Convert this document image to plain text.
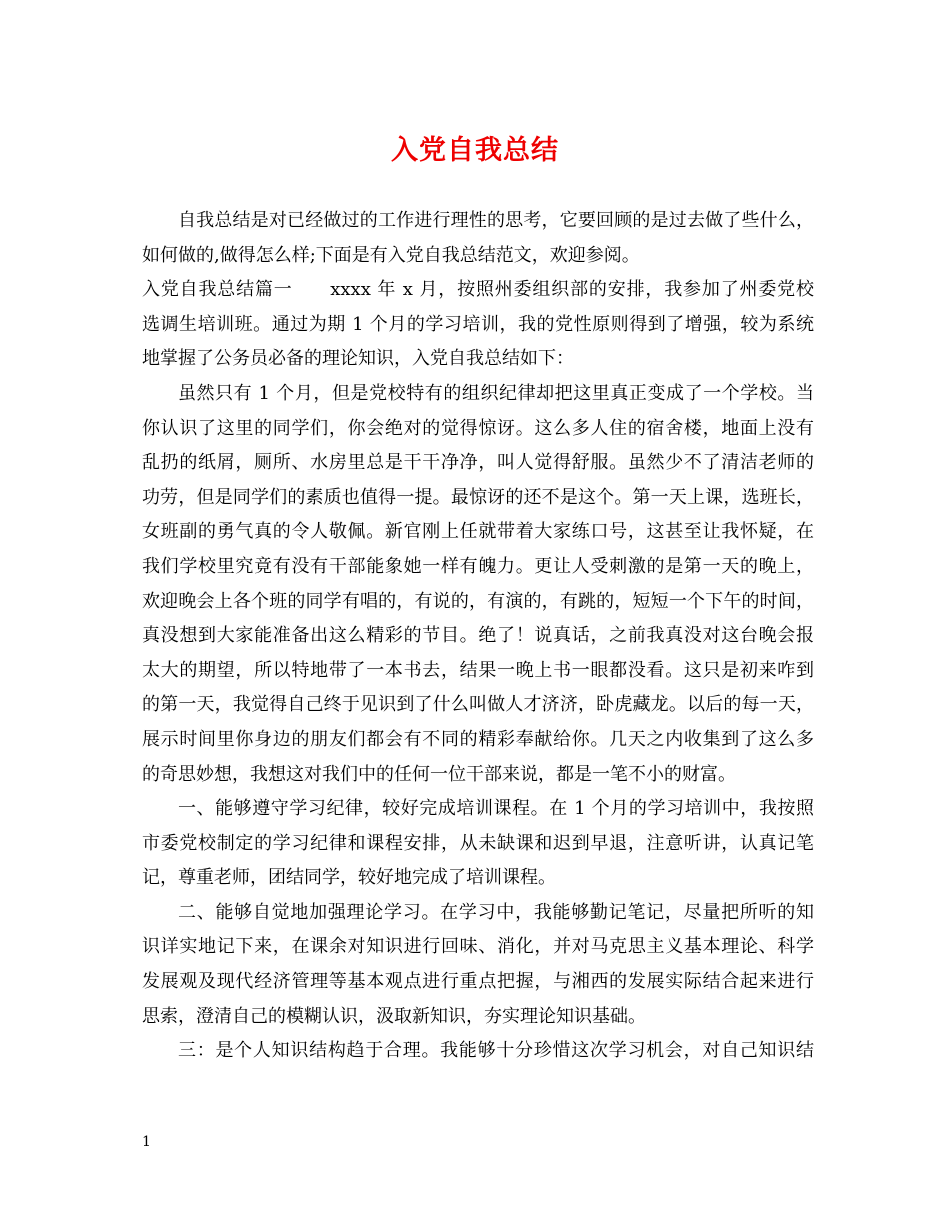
入党自我总结
自我总结是对已经做过的工作进行理性的思考，它要回顾的是过去做了些什么，
如何做的,做得怎么样;下面是有入党自我总结范文，欢迎参阅。
入党自我总结篇一　　xxxx 年 x 月，按照州委组织部的安排，我参加了州委党校
选调生培训班。通过为期 1 个月的学习培训，我的党性原则得到了增强，较为系统
地掌握了公务员必备的理论知识，入党自我总结如下：
虽然只有 1 个月，但是党校特有的组织纪律却把这里真正变成了一个学校。当
你认识了这里的同学们，你会绝对的觉得惊讶。这么多人住的宿舍楼，地面上没有
乱扔的纸屑，厕所、水房里总是干干净净，叫人觉得舒服。虽然少不了清洁老师的
功劳，但是同学们的素质也值得一提。最惊讶的还不是这个。第一天上课，选班长，
女班副的勇气真的令人敬佩。新官刚上任就带着大家练口号，这甚至让我怀疑，在
我们学校里究竟有没有干部能象她一样有魄力。更让人受刺激的是第一天的晚上，
欢迎晚会上各个班的同学有唱的，有说的，有演的，有跳的，短短一个下午的时间，
真没想到大家能准备出这么精彩的节目。绝了！说真话，之前我真没对这台晚会报
太大的期望，所以特地带了一本书去，结果一晚上书一眼都没看。这只是初来咋到
的第一天，我觉得自己终于见识到了什么叫做人才济济，卧虎藏龙。以后的每一天，
展示时间里你身边的朋友们都会有不同的精彩奉献给你。几天之内收集到了这么多
的奇思妙想，我想这对我们中的任何一位干部来说，都是一笔不小的财富。
一、能够遵守学习纪律，较好完成培训课程。在 1 个月的学习培训中，我按照
市委党校制定的学习纪律和课程安排，从未缺课和迟到早退，注意听讲，认真记笔
记，尊重老师，团结同学，较好地完成了培训课程。
二、能够自觉地加强理论学习。在学习中，我能够勤记笔记，尽量把所听的知
识详实地记下来，在课余对知识进行回味、消化，并对马克思主义基本理论、科学
发展观及现代经济管理等基本观点进行重点把握，与湘西的发展实际结合起来进行
思索，澄清自己的模糊认识，汲取新知识，夯实理论知识基础。
三：是个人知识结构趋于合理。我能够十分珍惜这次学习机会，对自己知识结
1
